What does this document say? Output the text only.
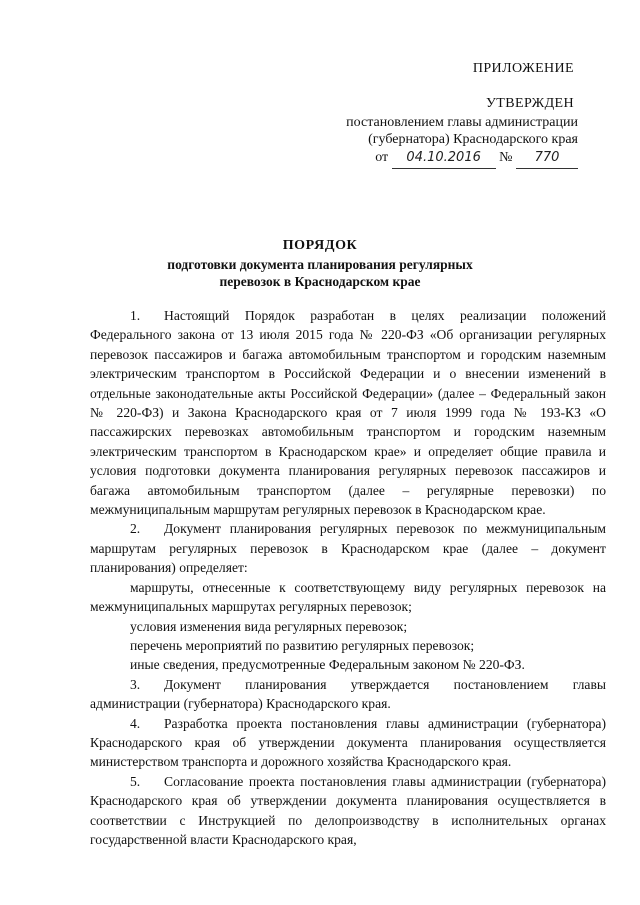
ПРИЛОЖЕНИЕ
УТВЕРЖДЕН
постановлением главы администрации
(губернатора) Краснодарского края
от 04.10.2016 № 770
ПОРЯДОК
подготовки документа планирования регулярных
перевозок в Краснодарском крае

1. Настоящий Порядок разработан в целях реализации положений Федерального закона от 13 июля 2015 года № 220-ФЗ «Об организации регулярных перевозок пассажиров и багажа автомобильным транспортом и городским наземным электрическим транспортом в Российской Федерации и о внесении изменений в отдельные законодательные акты Российской Федерации» (далее – Федеральный закон № 220-ФЗ) и Закона Краснодарского края от 7 июля 1999 года № 193-КЗ «О пассажирских перевозках автомобильным транспортом и городским наземным электрическим транспортом в Краснодарском крае» и определяет общие правила и условия подготовки документа планирования регулярных перевозок пассажиров и багажа автомобильным транспортом (далее – регулярные перевозки) по межмуниципальным маршрутам регулярных перевозок в Краснодарском крае.

2. Документ планирования регулярных перевозок по межмуниципальным маршрутам регулярных перевозок в Краснодарском крае (далее – документ планирования) определяет:

маршруты, отнесенные к соответствующему виду регулярных перевозок на межмуниципальных маршрутах регулярных перевозок;

условия изменения вида регулярных перевозок;

перечень мероприятий по развитию регулярных перевозок;

иные сведения, предусмотренные Федеральным законом № 220-ФЗ.

3. Документ планирования утверждается постановлением главы администрации (губернатора) Краснодарского края.

4. Разработка проекта постановления главы администрации (губернатора) Краснодарского края об утверждении документа планирования осуществляется министерством транспорта и дорожного хозяйства Краснодарского края.

5. Согласование проекта постановления главы администрации (губернатора) Краснодарского края об утверждении документа планирования осуществляется в соответствии с Инструкцией по делопроизводству в исполнительных органах государственной власти Краснодарского края,
